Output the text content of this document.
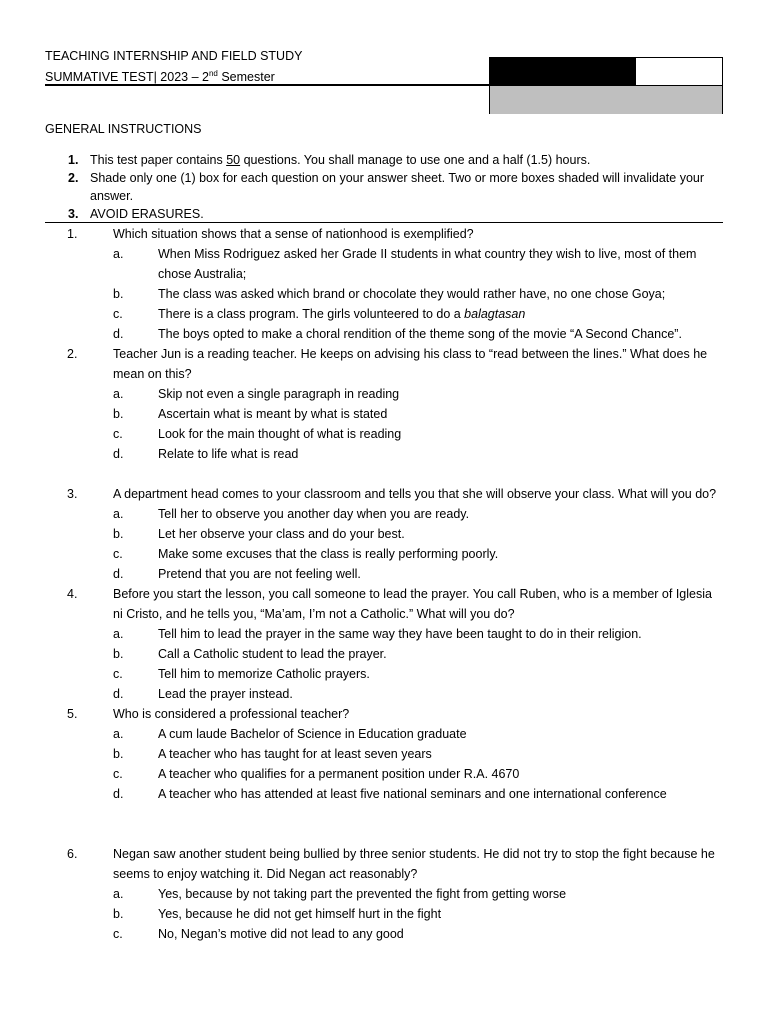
TEACHING INTERNSHIP AND FIELD STUDY
SUMMATIVE TEST| 2023 – 2nd Semester
GENERAL INSTRUCTIONS
1. This test paper contains 50 questions. You shall manage to use one and a half (1.5) hours.
2. Shade only one (1) box for each question on your answer sheet. Two or more boxes shaded will invalidate your answer.
3. AVOID ERASURES.
1.	Which situation shows that a sense of nationhood is exemplified?
a.	When Miss Rodriguez asked her Grade II students in what country they wish to live, most of them chose Australia;
b.	The class was asked which brand or chocolate they would rather have, no one chose Goya;
c.	There is a class program. The girls volunteered to do a balagtasan
d.	The boys opted to make a choral rendition of the theme song of the movie “A Second Chance”.
2.	Teacher Jun is a reading teacher. He keeps on advising his class to “read between the lines.” What does he mean on this?
a.	Skip not even a single paragraph in reading
b.	Ascertain what is meant by what is stated
c.	Look for the main thought of what is reading
d.	Relate to life what is read
3.	A department head comes to your classroom and tells you that she will observe your class. What will you do?
a.	Tell her to observe you another day when you are ready.
b.	Let her observe your class and do your best.
c.	Make some excuses that the class is really performing poorly.
d.	Pretend that you are not feeling well.
4.	Before you start the lesson, you call someone to lead the prayer. You call Ruben, who is a member of Iglesia ni Cristo, and he tells you, “Ma’am, I’m not a Catholic.” What will you do?
a.	Tell him to lead the prayer in the same way they have been taught to do in their religion.
b.	Call a Catholic student to lead the prayer.
c.	Tell him to memorize Catholic prayers.
d.	Lead the prayer instead.
5.	Who is considered a professional teacher?
a.	A cum laude Bachelor of Science in Education graduate
b.	A teacher who has taught for at least seven years
c.	A teacher who qualifies for a permanent position under R.A. 4670
d.	A teacher who has attended at least five national seminars and one international conference
6.	Negan saw another student being bullied by three senior students. He did not try to stop the fight because he seems to enjoy watching it. Did Negan act reasonably?
a.	Yes, because by not taking part the prevented the fight from getting worse
b.	Yes, because he did not get himself hurt in the fight
c.	No, Negan’s motive did not lead to any good
